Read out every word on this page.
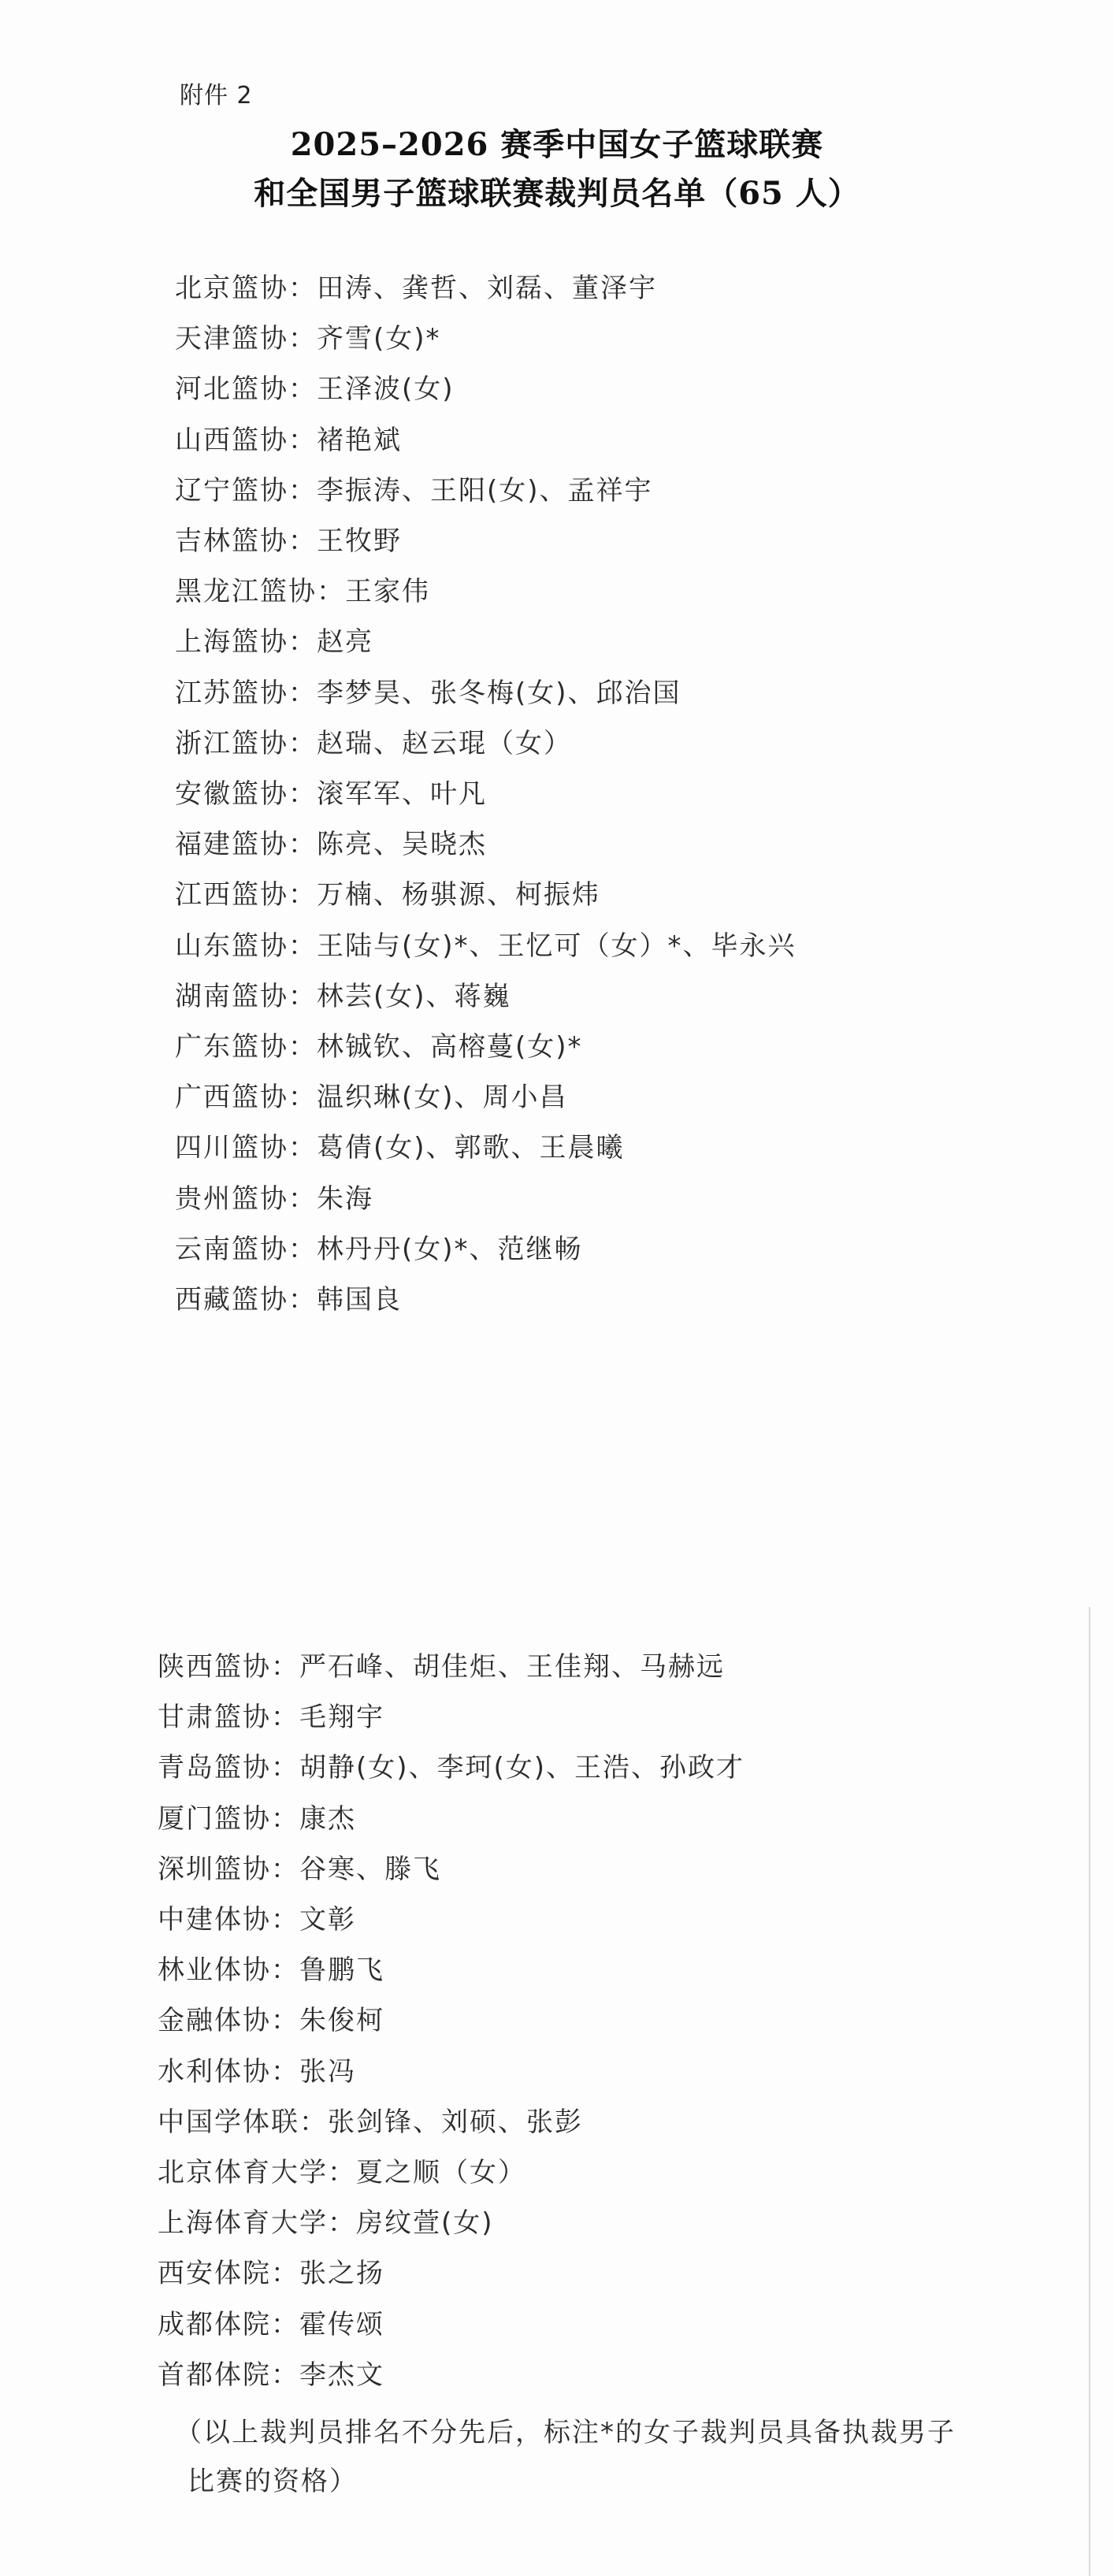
附件 2
2025–2026 赛季中国女子篮球联赛
和全国男子篮球联赛裁判员名单（65 人）
北京篮协：田涛、龚哲、刘磊、董泽宇
天津篮协：齐雪(女)*
河北篮协：王泽波(女)
山西篮协：褚艳斌
辽宁篮协：李振涛、王阳(女)、孟祥宇
吉林篮协：王牧野
黑龙江篮协：王家伟
上海篮协：赵亮
江苏篮协：李梦昊、张冬梅(女)、邱治国
浙江篮协：赵瑞、赵云琨（女）
安徽篮协：滚军军、叶凡
福建篮协：陈亮、吴晓杰
江西篮协：万楠、杨骐源、柯振炜
山东篮协：王陆与(女)*、王忆可（女）*、毕永兴
湖南篮协：林芸(女)、蒋巍
广东篮协：林铖钦、高榕蔓(女)*
广西篮协：温织琳(女)、周小昌
四川篮协：葛倩(女)、郭歌、王晨曦
贵州篮协：朱海
云南篮协：林丹丹(女)*、范继畅
西藏篮协：韩国良
陕西篮协：严石峰、胡佳炬、王佳翔、马赫远
甘肃篮协：毛翔宇
青岛篮协：胡静(女)、李珂(女)、王浩、孙政才
厦门篮协：康杰
深圳篮协：谷寒、滕飞
中建体协：文彰
林业体协：鲁鹏飞
金融体协：朱俊柯
水利体协：张冯
中国学体联：张剑锋、刘硕、张彭
北京体育大学：夏之顺（女）
上海体育大学：房纹萱(女)
西安体院：张之扬
成都体院：霍传颂
首都体院：李杰文
（以上裁判员排名不分先后，标注*的女子裁判员具备执裁男子
比赛的资格）
